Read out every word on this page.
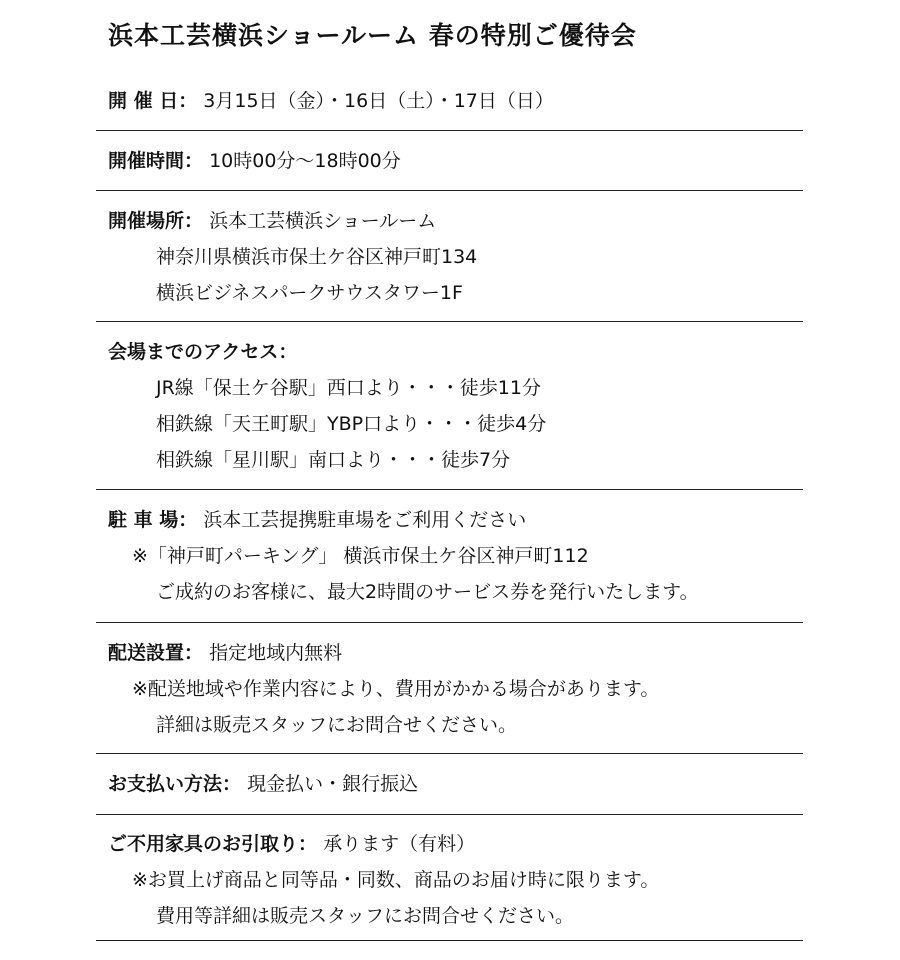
浜本工芸横浜ショールーム 春の特別ご優待会
開 催 日： 3月15日（金）・16日（土）・17日（日）
開催時間： 10時00分～18時00分
開催場所： 浜本工芸横浜ショールーム
神奈川県横浜市保土ケ谷区神戸町134
横浜ビジネスパークサウスタワー1F
会場までのアクセス：
JR線「保土ケ谷駅」西口より・・・徒歩11分
相鉄線「天王町駅」YBP口より・・・徒歩4分
相鉄線「星川駅」南口より・・・徒歩7分
駐 車 場： 浜本工芸提携駐車場をご利用ください
※「神戸町パーキング」 横浜市保土ケ谷区神戸町112
ご成約のお客様に、最大2時間のサービス券を発行いたします。
配送設置： 指定地域内無料
※配送地域や作業内容により、費用がかかる場合があります。
詳細は販売スタッフにお問合せください。
お支払い方法： 現金払い・銀行振込
ご不用家具のお引取り： 承ります（有料）
※お買上げ商品と同等品・同数、商品のお届け時に限ります。
費用等詳細は販売スタッフにお問合せください。
